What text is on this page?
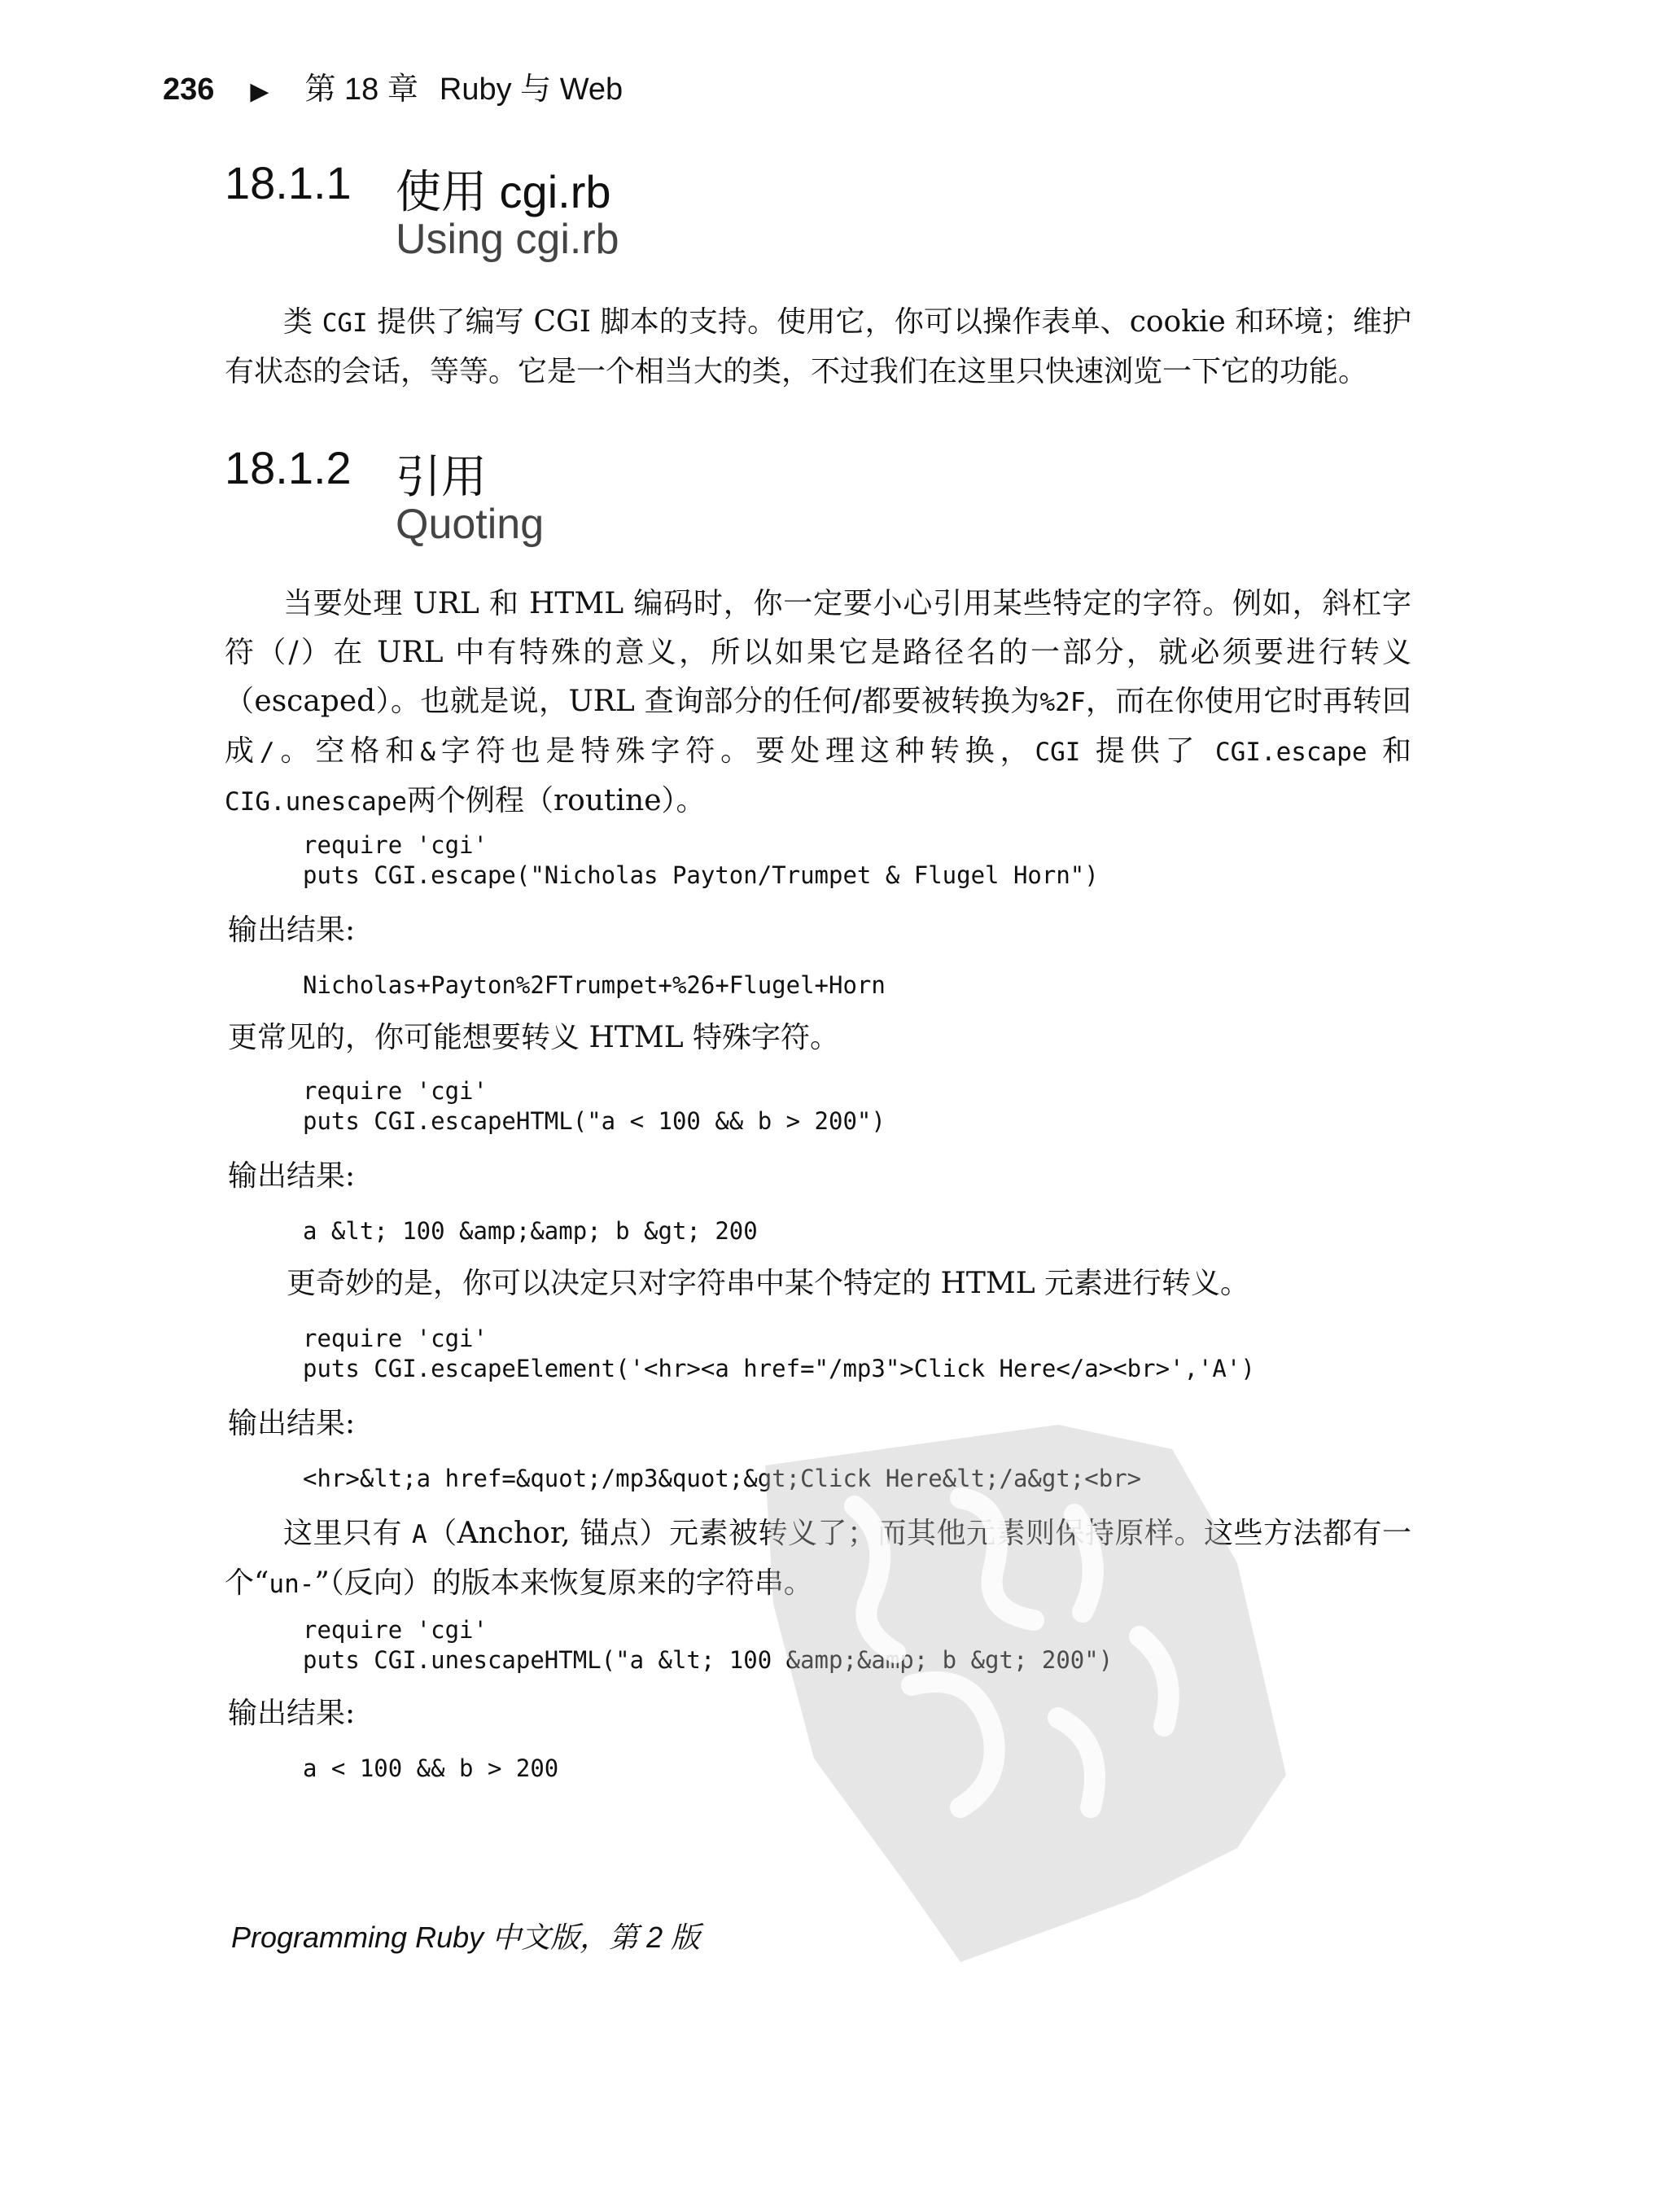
236 ▶ 第 18 章 Ruby 与 Web
18.1.1 使用 cgi.rb
Using cgi.rb

类 CGI 提供了编写 CGI 脚本的支持。使用它，你可以操作表单、cookie 和环境；维护有状态的会话，等等。它是一个相当大的类，不过我们在这里只快速浏览一下它的功能。

18.1.2 引用
Quoting

当要处理 URL 和 HTML 编码时，你一定要小心引用某些特定的字符。例如，斜杠字符（/）在 URL 中有特殊的意义，所以如果它是路径名的一部分，就必须要进行转义（escaped）。也就是说，URL 查询部分的任何/都要被转换为%2F，而在你使用它时再转回成/。空格和&字符也是特殊字符。要处理这种转换，CGI 提供了 CGI.escape 和 CIG.unescape两个例程（routine）。

require 'cgi'
puts CGI.escape("Nicholas Payton/Trumpet & Flugel Horn")

输出结果:

Nicholas+Payton%2FTrumpet+%26+Flugel+Horn

更常见的，你可能想要转义 HTML 特殊字符。

require 'cgi'
puts CGI.escapeHTML("a < 100 && b > 200")

输出结果:

a &lt; 100 &amp;&amp; b &gt; 200

更奇妙的是，你可以决定只对字符串中某个特定的 HTML 元素进行转义。

require 'cgi'
puts CGI.escapeElement('<hr><a href="/mp3">Click Here</a><br>','A')

输出结果:

<hr>&lt;a href=&quot;/mp3&quot;&gt;Click Here&lt;/a&gt;<br>

这里只有 A（Anchor, 锚点）元素被转义了；而其他元素则保持原样。这些方法都有一个“un-”（反向）的版本来恢复原来的字符串。

require 'cgi'
puts CGI.unescapeHTML("a &lt; 100 &amp;&amp; b &gt; 200")

输出结果:

a < 100 && b > 200
Programming Ruby 中文版，第 2 版
